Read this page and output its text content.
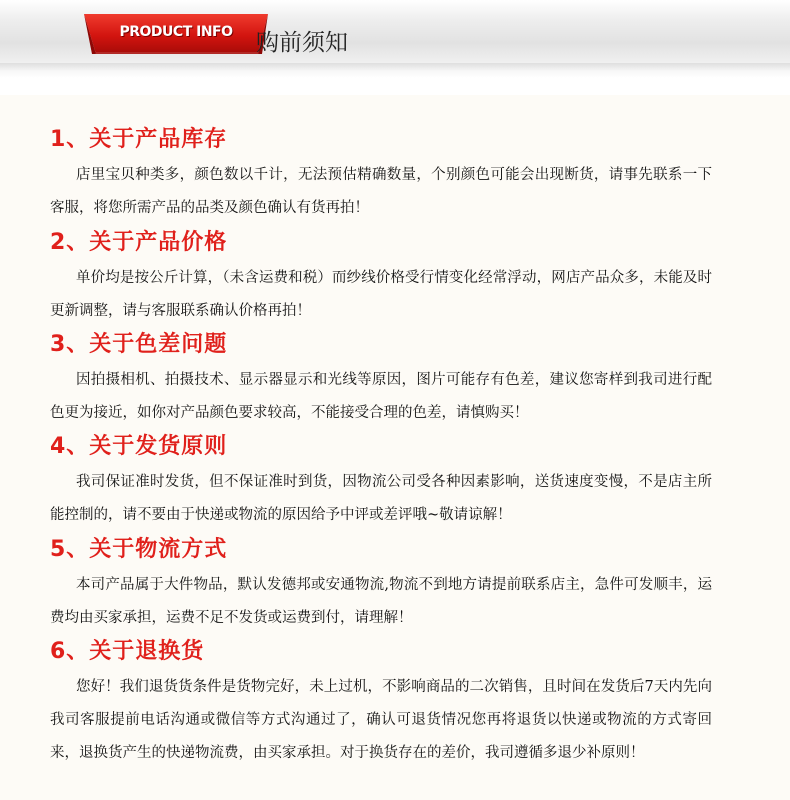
PRODUCT INFO	购前须知
1、关于产品库存
店里宝贝种类多，颜色数以千计，无法预估精确数量，个别颜色可能会出现断货，请事先联系一下客服，将您所需产品的品类及颜色确认有货再拍！
2、关于产品价格
单价均是按公斤计算，（未含运费和税）而纱线价格受行情变化经常浮动，网店产品众多，未能及时更新调整，请与客服联系确认价格再拍！
3、关于色差问题
因拍摄相机、拍摄技术、显示器显示和光线等原因，图片可能存有色差，建议您寄样到我司进行配色更为接近，如你对产品颜色要求较高，不能接受合理的色差，请慎购买！
4、关于发货原则
我司保证准时发货，但不保证准时到货，因物流公司受各种因素影响，送货速度变慢，不是店主所能控制的，请不要由于快递或物流的原因给予中评或差评哦~敬请谅解！
5、关于物流方式
本司产品属于大件物品，默认发德邦或安通物流,物流不到地方请提前联系店主，急件可发顺丰，运费均由买家承担，运费不足不发货或运费到付，请理解！
6、关于退换货
您好！我们退货货条件是货物完好，未上过机，不影响商品的二次销售，且时间在发货后7天内先向我司客服提前电话沟通或微信等方式沟通过了，确认可退货情况您再将退货以快递或物流的方式寄回来，退换货产生的快递物流费，由买家承担。对于换货存在的差价，我司遵循多退少补原则！
